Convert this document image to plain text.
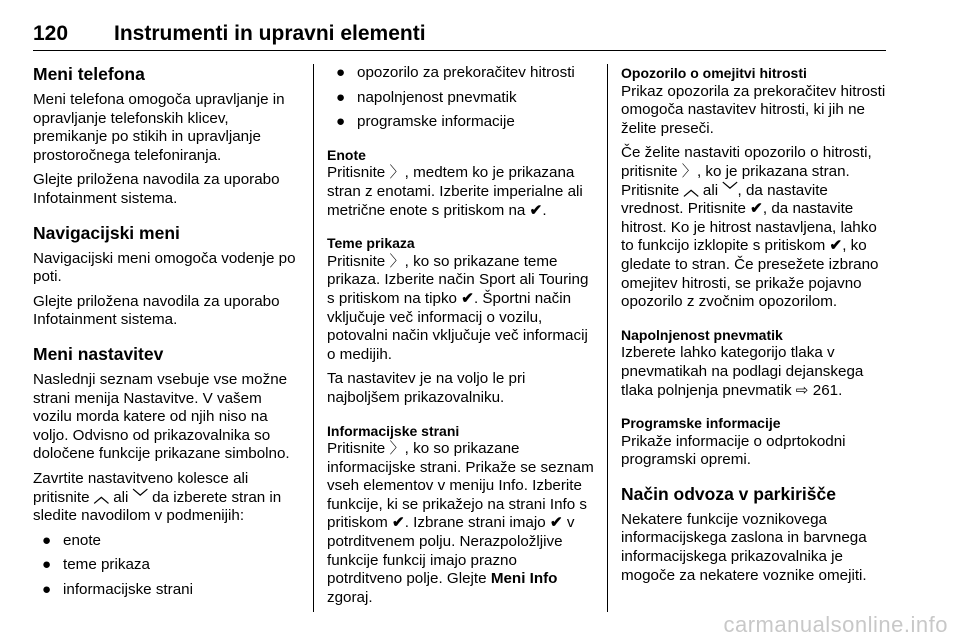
120 Instrumenti in upravni elementi
Meni telefona

Meni telefona omogoča upravljanje in opravljanje telefonskih klicev, premikanje po stikih in upravljanje prostoročnega telefoniranja.

Glejte priložena navodila za uporabo Infotainment sistema.

Navigacijski meni

Navigacijski meni omogoča vodenje po poti.

Glejte priložena navodila za uporabo Infotainment sistema.

Meni nastavitev

Naslednji seznam vsebuje vse možne strani menija Nastavitve. V vašem vozilu morda katere od njih niso na voljo. Odvisno od prikazovalnika so določene funkcije prikazane simbolno.

Zavrtite nastavitveno kolesce ali pritisnite ︿ ali ﹀ da izberete stran in sledite navodilom v podmenijih:

● enote
● teme prikaza
● informacijske strani
● opozorilo za prekoračitev hitrosti
● napolnjenost pnevmatik
● programske informacije
Enote

Pritisnite 〉, medtem ko je prikazana stran z enotami. Izberite imperialne ali metrične enote s pritiskom na ✔.

Teme prikaza

Pritisnite 〉, ko so prikazane teme prikaza. Izberite način Sport ali Touring s pritiskom na tipko ✔. Športni način vključuje več informacij o vozilu, potovalni način vključuje več informacij o medijih.

Ta nastavitev je na voljo le pri najboljšem prikazovalniku.

Informacijske strani

Pritisnite 〉, ko so prikazane informacijske strani. Prikaže se seznam vseh elementov v meniju Info. Izberite funkcije, ki se prikažejo na strani Info s pritiskom ✔. Izbrane strani imajo ✔ v potrditvenem polju. Nerazpoložljive funkcije funkcij imajo prazno potrditveno polje. Glejte Meni Info zgoraj.

Opozorilo o omejitvi hitrosti

Prikaz opozorila za prekoračitev hitrosti omogoča nastavitev hitrosti, ki jih ne želite preseči.

Če želite nastaviti opozorilo o hitrosti, pritisnite 〉, ko je prikazana stran. Pritisnite ︿ ali ﹀, da nastavite vrednost. Pritisnite ✔, da nastavite hitrost. Ko je hitrost nastavljena, lahko to funkcijo izklopite s pritiskom ✔, ko gledate to stran. Če presežete izbrano omejitev hitrosti, se prikaže pojavno opozorilo z zvočnim opozorilom.

Napolnjenost pnevmatik

Izberete lahko kategorijo tlaka v pnevmatikah na podlagi dejanskega tlaka polnjenja pnevmatik ⇨ 261.

Programske informacije

Prikaže informacije o odprtokodni programski opremi.

Način odvoza v parkirišče

Nekatere funkcije voznikovega informacijskega zaslona in barvnega informacijskega prikazovalnika je mogoče za nekatere voznike omejiti.

carmanualsonline.info
